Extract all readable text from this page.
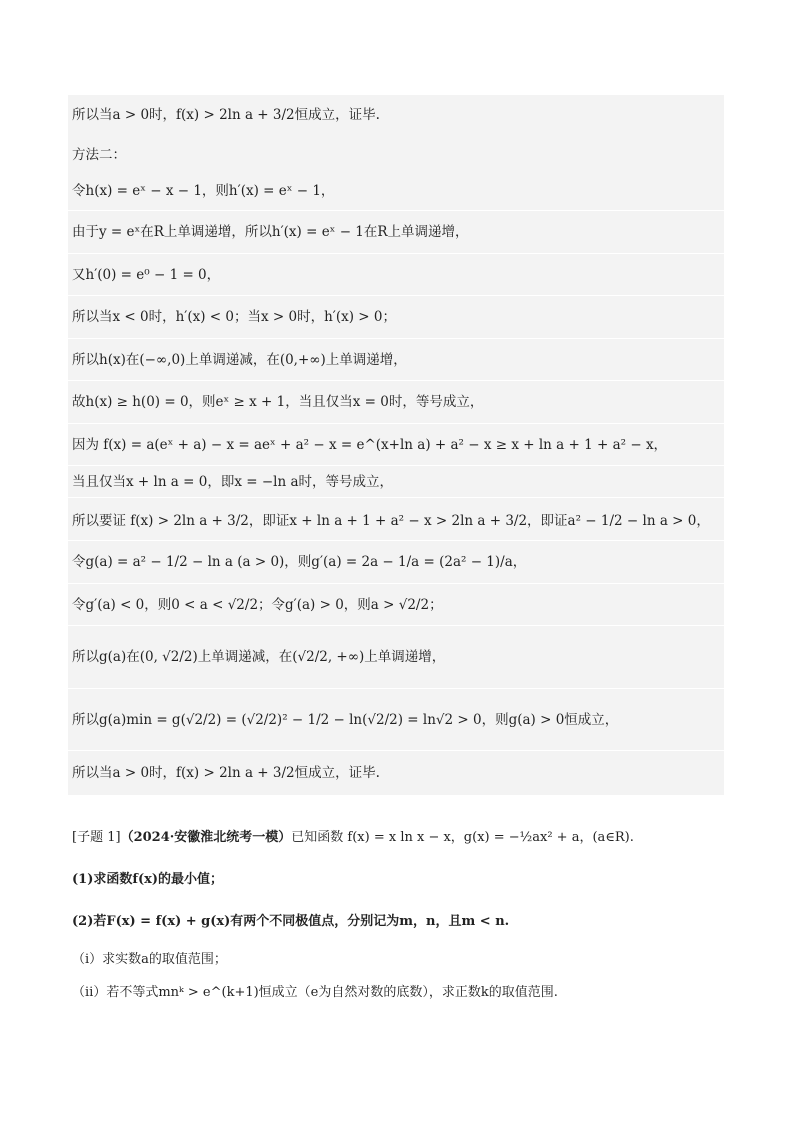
所以当a > 0时，f(x) > 2ln a + 3/2恒成立，证毕.
方法二：
令h(x) = eˣ − x − 1，则h′(x) = eˣ − 1，
由于y = eˣ在R上单调递增，所以h′(x) = eˣ − 1在R上单调递增，
又h′(0) = e⁰ − 1 = 0，
所以当x < 0时，h′(x) < 0；当x > 0时，h′(x) > 0；
所以h(x)在(−∞,0)上单调递减，在(0,+∞)上单调递增，
故h(x) ≥ h(0) = 0，则eˣ ≥ x + 1，当且仅当x = 0时，等号成立，
因为 f(x) = a(eˣ + a) − x = aeˣ + a² − x = e^(x+ln a) + a² − x ≥ x + ln a + 1 + a² − x，
当且仅当x + ln a = 0，即x = −ln a时，等号成立，
所以要证 f(x) > 2ln a + 3/2，即证x + ln a + 1 + a² − x > 2ln a + 3/2，即证a² − 1/2 − ln a > 0，
令g(a) = a² − 1/2 − ln a (a > 0)，则g′(a) = 2a − 1/a = (2a² − 1)/a，
令g′(a) < 0，则0 < a < √2/2；令g′(a) > 0，则a > √2/2；
所以g(a)在(0, √2/2)上单调递减，在(√2/2, +∞)上单调递增，
所以g(a)min = g(√2/2) = (√2/2)² − 1/2 − ln(√2/2) = ln√2 > 0，则g(a) > 0恒成立，
所以当a > 0时，f(x) > 2ln a + 3/2恒成立，证毕.
[子题 1]（2024·安徽淮北统考一模）已知函数 f(x) = x ln x − x，g(x) = −½ax² + a，(a∈R).
(1)求函数f(x)的最小值；
(2)若F(x) = f(x) + g(x)有两个不同极值点，分别记为m，n，且m < n.
（ⅰ）求实数a的取值范围；
（ⅱ）若不等式mnᵏ > e^(k+1)恒成立（e为自然对数的底数），求正数k的取值范围.
